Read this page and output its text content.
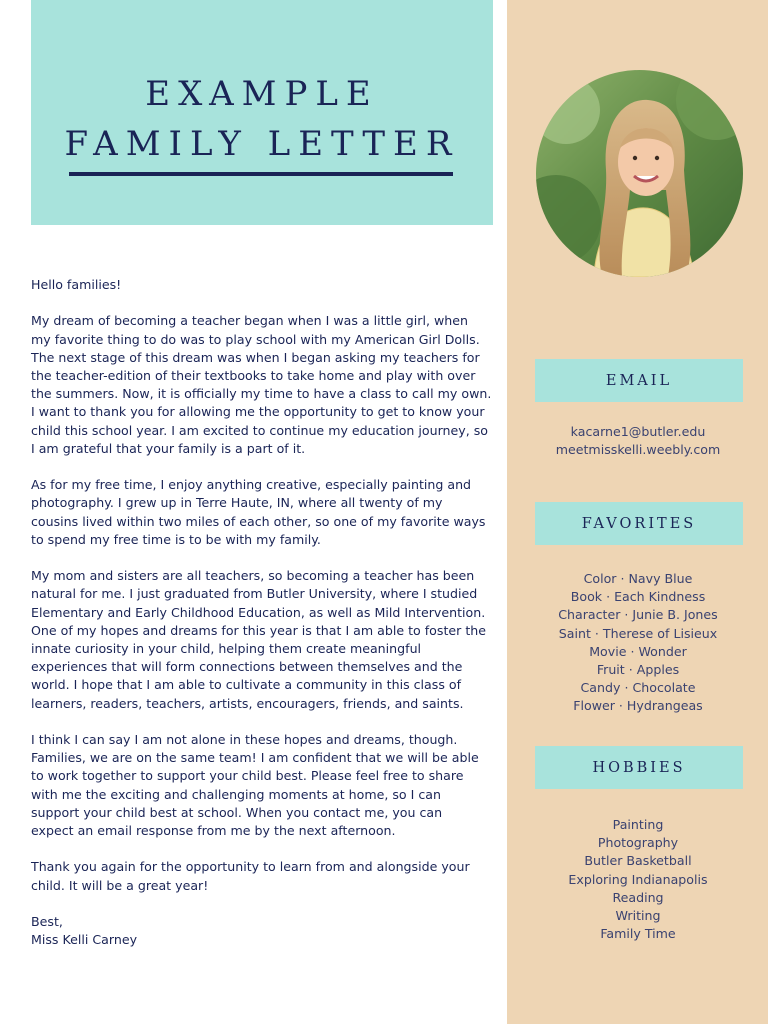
EXAMPLE
FAMILY LETTER

Hello families!

My dream of becoming a teacher began when I was a little girl, when
my favorite thing to do was to play school with my American Girl Dolls.
The next stage of this dream was when I began asking my teachers for
the teacher-edition of their textbooks to take home and play with over
the summers. Now, it is officially my time to have a class to call my own.
I want to thank you for allowing me the opportunity to get to know your
child this school year. I am excited to continue my education journey, so
I am grateful that your family is a part of it.

As for my free time, I enjoy anything creative, especially painting and
photography. I grew up in Terre Haute, IN, where all twenty of my
cousins lived within two miles of each other, so one of my favorite ways
to spend my free time is to be with my family.

My mom and sisters are all teachers, so becoming a teacher has been
natural for me. I just graduated from Butler University, where I studied
Elementary and Early Childhood Education, as well as Mild Intervention.
One of my hopes and dreams for this year is that I am able to foster the
innate curiosity in your child, helping them create meaningful
experiences that will form connections between themselves and the
world. I hope that I am able to cultivate a community in this class of
learners, readers, teachers, artists, encouragers, friends, and saints.

I think I can say I am not alone in these hopes and dreams, though.
Families, we are on the same team! I am confident that we will be able
to work together to support your child best. Please feel free to share
with me the exciting and challenging moments at home, so I can
support your child best at school. When you contact me, you can
expect an email response from me by the next afternoon.

Thank you again for the opportunity to learn from and alongside your
child. It will be a great year!

Best,

Miss Kelli Carney

EMAIL
kacarne1@butler.edu
meetmisskelli.weebly.com
FAVORITES
Color · Navy Blue
Book · Each Kindness
Character · Junie B. Jones
Saint · Therese of Lisieux
Movie · Wonder
Fruit · Apples
Candy · Chocolate
Flower · Hydrangeas
HOBBIES
Painting
Photography
Butler Basketball
Exploring Indianapolis
Reading
Writing
Family Time
